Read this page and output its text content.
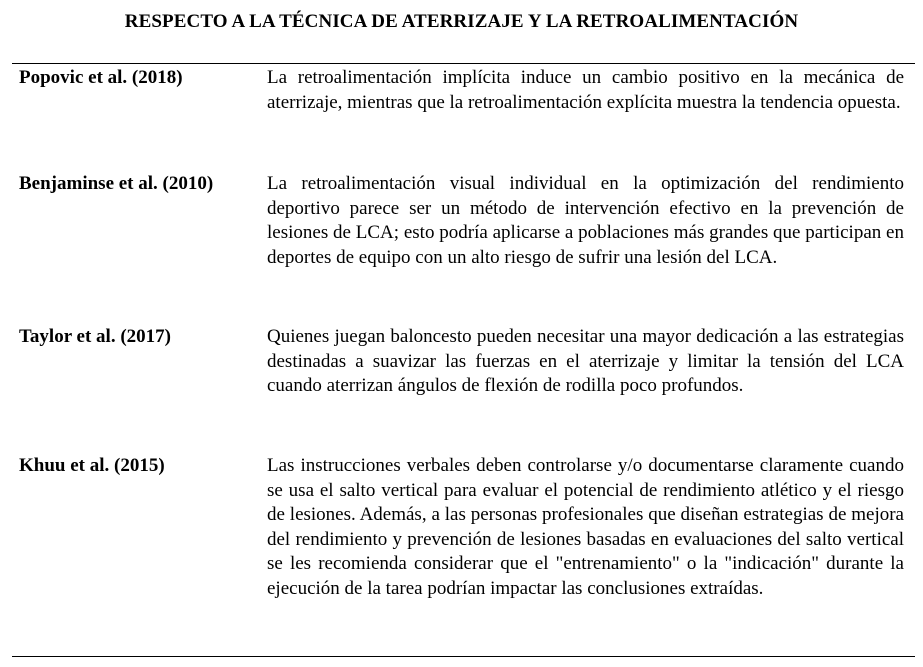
RESPECTO A LA TÉCNICA DE ATERRIZAJE Y LA RETROALIMENTACIÓN
Popovic et al. (2018)	La retroalimentación implícita induce un cambio positivo en la mecánica de aterrizaje, mientras que la retroalimentación explícita muestra la tendencia opuesta.
Benjaminse et al. (2010)	La retroalimentación visual individual en la optimización del rendimiento deportivo parece ser un método de intervención efectivo en la prevención de lesiones de LCA; esto podría aplicarse a poblaciones más grandes que participan en deportes de equipo con un alto riesgo de sufrir una lesión del LCA.
Taylor et al. (2017)	Quienes juegan baloncesto pueden necesitar una mayor dedicación a las estrategias destinadas a suavizar las fuerzas en el aterrizaje y limitar la tensión del LCA cuando aterrizan ángulos de flexión de rodilla poco profundos.
Khuu et al. (2015)	Las instrucciones verbales deben controlarse y/o documentarse claramente cuando se usa el salto vertical para evaluar el potencial de rendimiento atlético y el riesgo de lesiones. Además, a las personas profesionales que diseñan estrategias de mejora del rendimiento y prevención de lesiones basadas en evaluaciones del salto vertical se les recomienda considerar que el "entrenamiento" o la "indicación" durante la ejecución de la tarea podrían impactar las conclusiones extraídas.
